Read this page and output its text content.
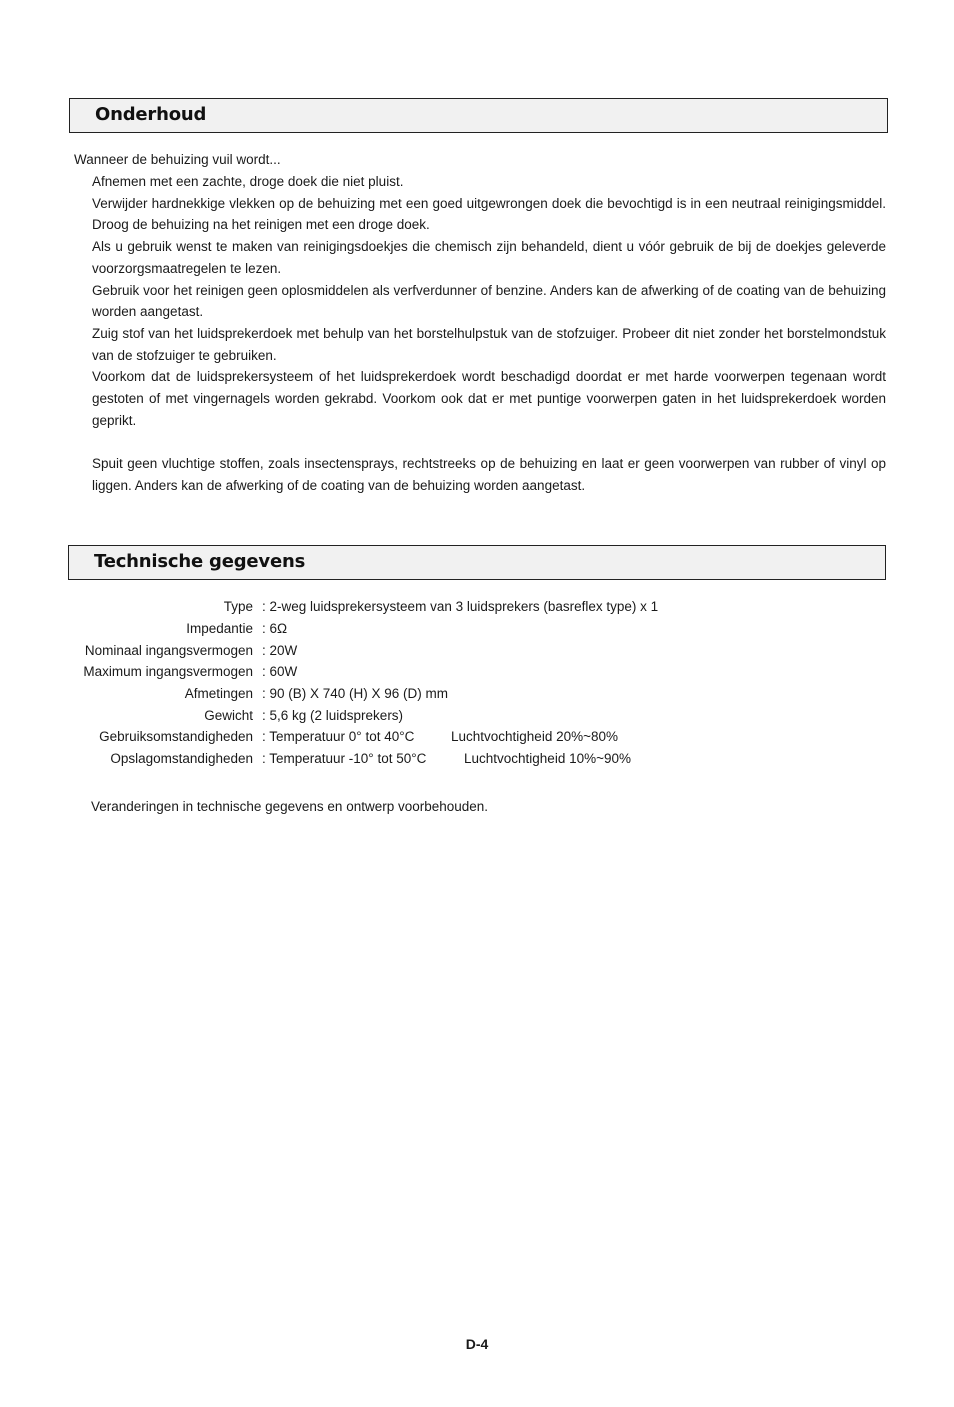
Onderhoud
Wanneer de behuizing vuil wordt...

Afnemen met een zachte, droge doek die niet pluist.

Verwijder hardnekkige vlekken op de behuizing met een goed uitgewrongen doek die bevochtigd is in een neutraal reinigingsmiddel. Droog de behuizing na het reinigen met een droge doek.

Als u gebruik wenst te maken van reinigingsdoekjes die chemisch zijn behandeld, dient u vóór gebruik de bij de doekjes geleverde voorzorgsmaatregelen te lezen.

Gebruik voor het reinigen geen oplosmiddelen als verfverdunner of benzine. Anders kan de afwerking of de coating van de behuizing worden aangetast.

Zuig stof van het luidsprekerdoek met behulp van het borstelhulpstuk van de stofzuiger. Probeer dit niet zonder het borstelmondstuk van de stofzuiger te gebruiken.

Voorkom dat de luidsprekersysteem of het luidsprekerdoek wordt beschadigd doordat er met harde voorwerpen tegenaan wordt gestoten of met vingernagels worden gekrabd. Voorkom ook dat er met puntige voorwerpen gaten in het luidsprekerdoek worden geprikt.

Spuit geen vluchtige stoffen, zoals insectensprays, rechtstreeks op de behuizing en laat er geen voorwerpen van rubber of vinyl op liggen. Anders kan de afwerking of de coating van de behuizing worden aangetast.

Technische gegevens
Type	: 2-weg luidsprekersysteem van 3 luidsprekers (basreflex type) x 1
Impedantie	: 6Ω
Nominaal ingangsvermogen	: 20W
Maximum ingangsvermogen	: 60W
Afmetingen	: 90 (B) X 740 (H) X 96 (D) mm
Gewicht	: 5,6 kg (2 luidsprekers)
Gebruiksomstandigheden	: Temperatuur 0° tot 40°C Luchtvochtigheid 20%~80%
Opslagomstandigheden	: Temperatuur -10° tot 50°C Luchtvochtigheid 10%~90%
Veranderingen in technische gegevens en ontwerp voorbehouden.
D-4
